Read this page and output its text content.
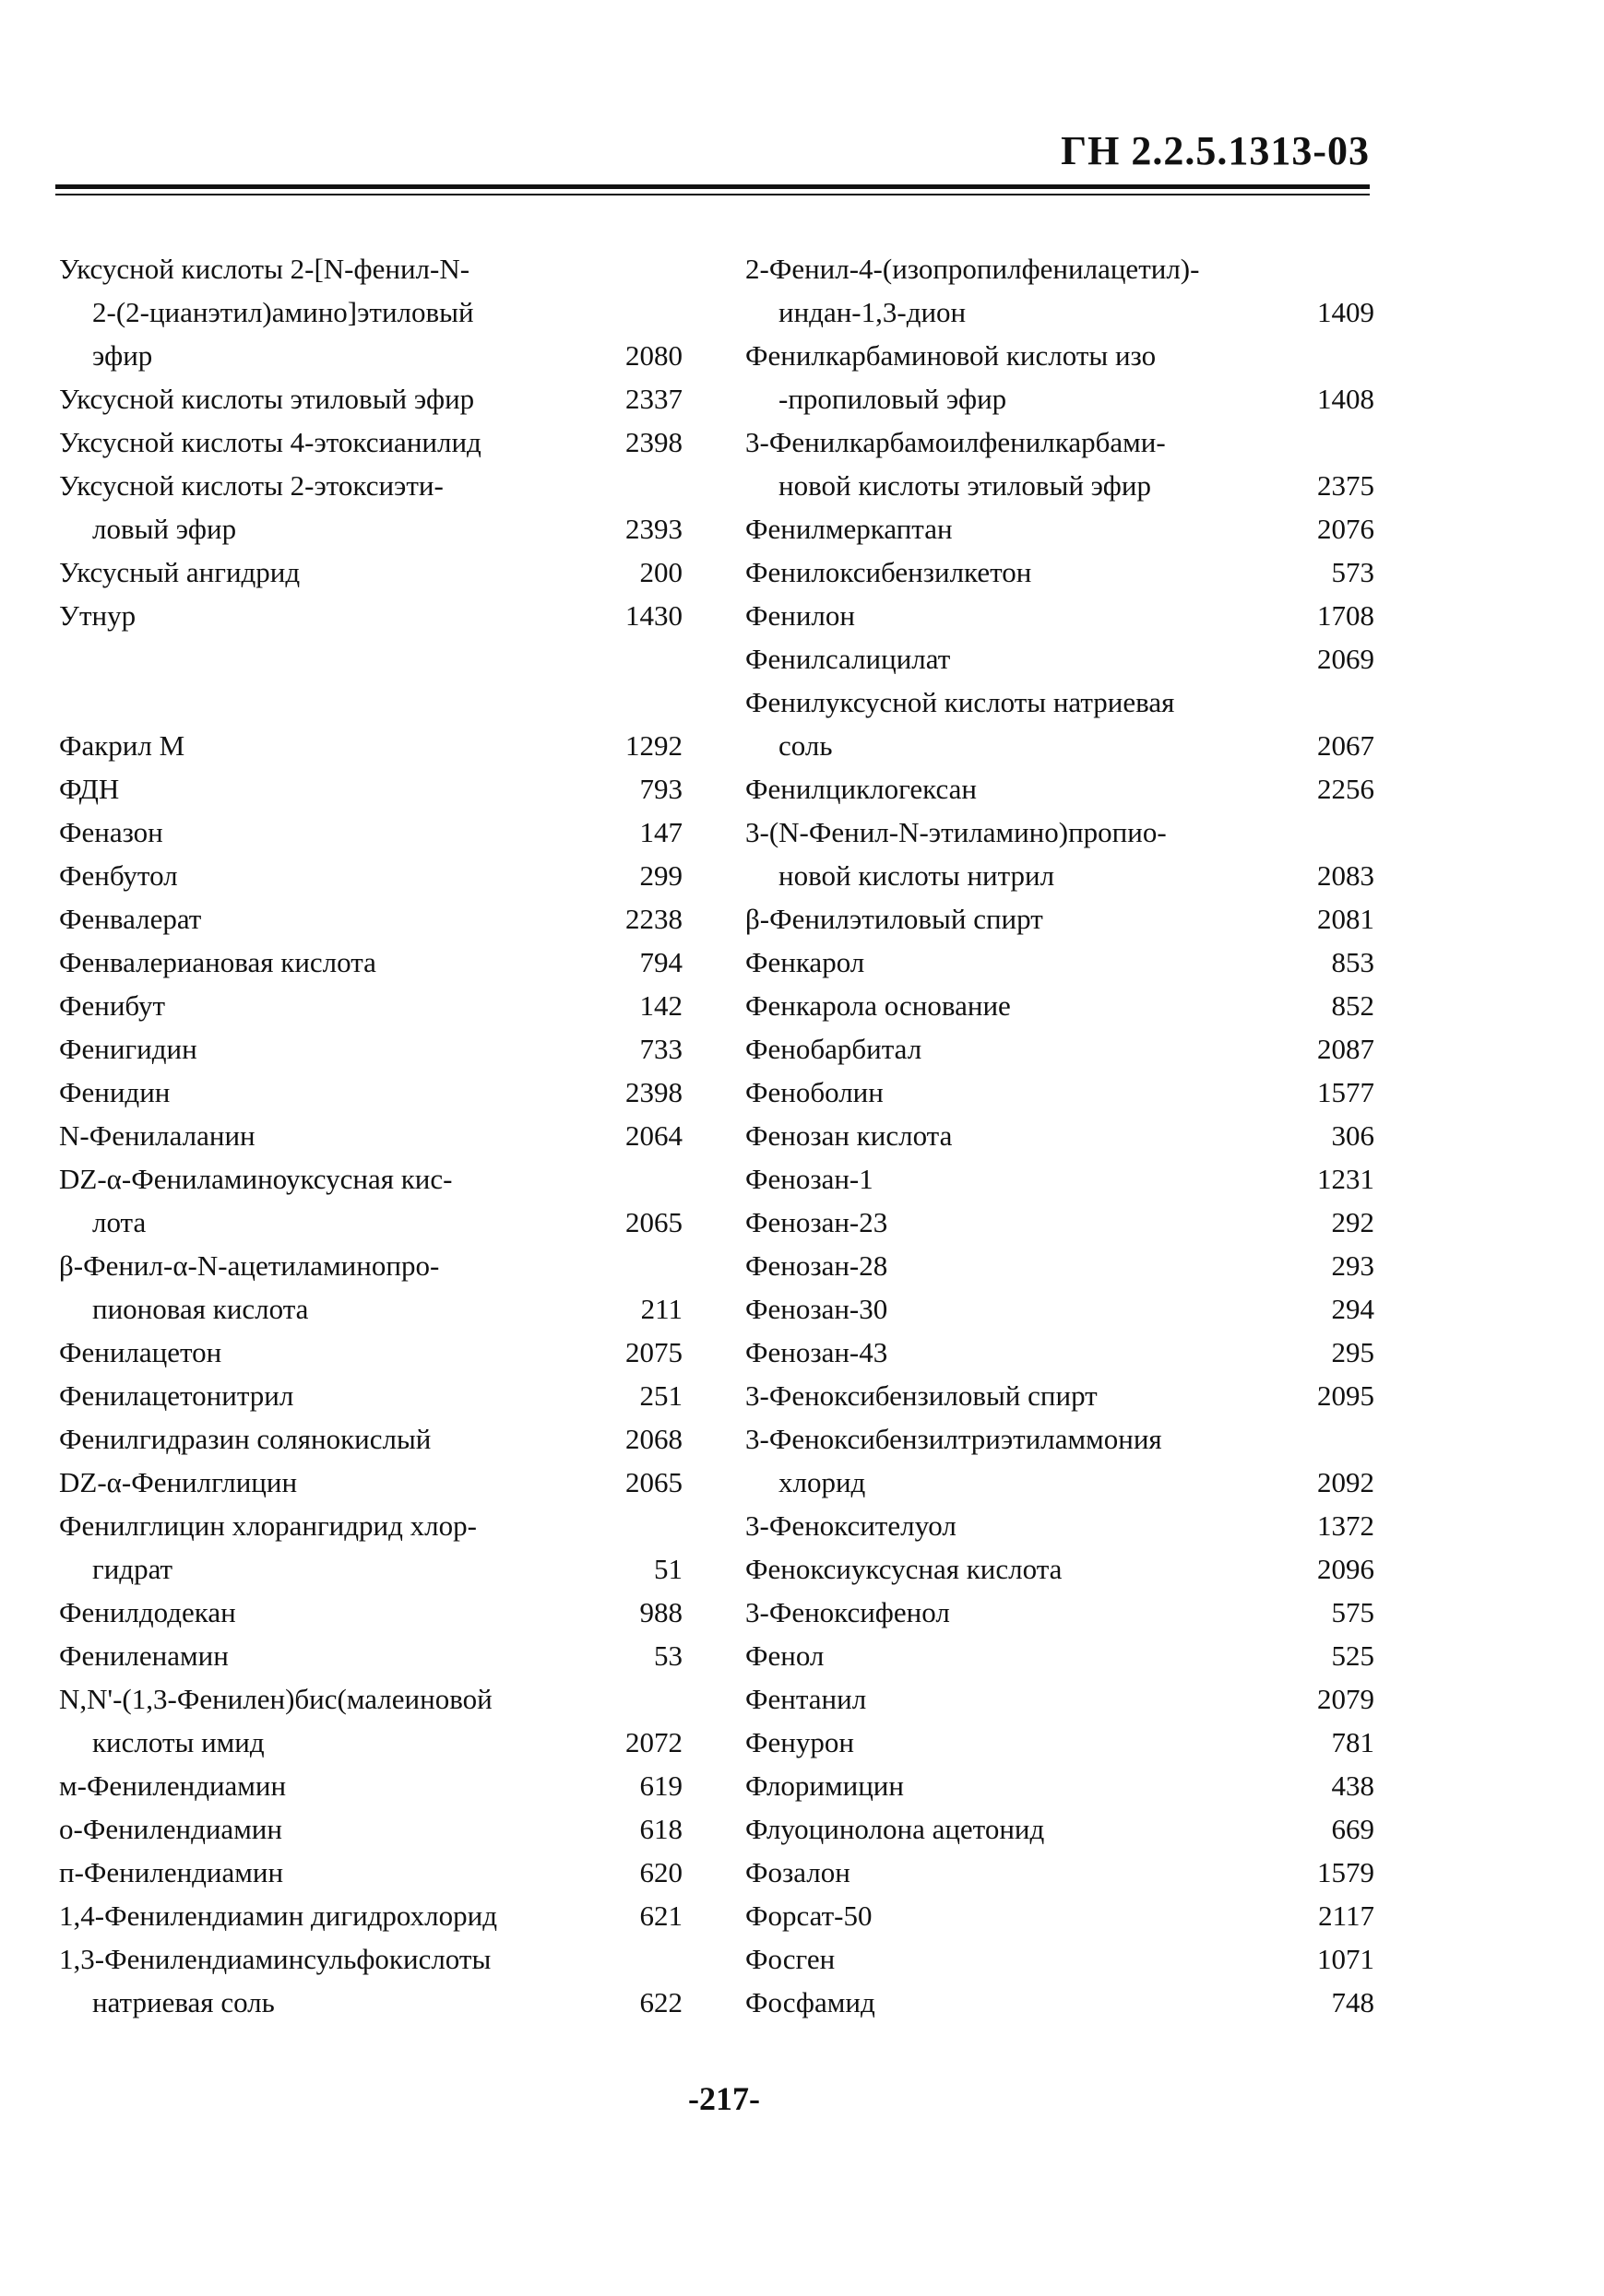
ГН 2.2.5.1313-03
Уксусной кислоты 2-[N-фенил-N-
2-(2-цианэтил)амино]этиловый
эфир	2080
Уксусной кислоты этиловый эфир	2337
Уксусной кислоты 4-этоксианилид	2398
Уксусной кислоты 2-этоксиэти-
ловый эфир	2393
Уксусный ангидрид	200
Утнур	1430
Факрил М	1292
ФДН	793
Феназон	147
Фенбутол	299
Фенвалерат	2238
Фенвалериановая кислота	794
Фенибут	142
Фенигидин	733
Фенидин	2398
N-Фенилаланин	2064
DZ-α-Фениламиноуксусная кис-
лота	2065
β-Фенил-α-N-ацетиламинопро-
пионовая кислота	211
Фенилацетон	2075
Фенилацетонитрил	251
Фенилгидразин солянокислый	2068
DZ-α-Фенилглицин	2065
Фенилглицин хлорангидрид хлор-
гидрат	51
Фенилдодекан	988
Фениленамин	53
N,N'-(1,3-Фенилен)бис(малеиновой
кислоты имид	2072
м-Фенилендиамин	619
о-Фенилендиамин	618
п-Фенилендиамин	620
1,4-Фенилендиамин дигидрохлорид	621
1,3-Фенилендиаминсульфокислоты
натриевая соль	622
2-Фенил-4-(изопропилфенилацетил)-
индан-1,3-дион	1409
Фенилкарбаминовой кислоты изо
-пропиловый эфир	1408
3-Фенилкарбамоилфенилкарбами-
новой кислоты этиловый эфир	2375
Фенилмеркаптан	2076
Фенилоксибензилкетон	573
Фенилон	1708
Фенилсалицилат	2069
Фенилуксусной кислоты натриевая
соль	2067
Фенилциклогексан	2256
3-(N-Фенил-N-этиламино)пропио-
новой кислоты нитрил	2083
β-Фенилэтиловый спирт	2081
Фенкарол	853
Фенкарола основание	852
Фенобарбитал	2087
Феноболин	1577
Фенозан кислота	306
Фенозан-1	1231
Фенозан-23	292
Фенозан-28	293
Фенозан-30	294
Фенозан-43	295
3-Феноксибензиловый спирт	2095
3-Феноксибензилтриэтиламмония
хлорид	2092
3-Феноксителуол	1372
Феноксиуксусная кислота	2096
3-Феноксифенол	575
Фенол	525
Фентанил	2079
Фенурон	781
Флоримицин	438
Флуоцинолона ацетонид	669
Фозалон	1579
Форсат-50	2117
Фосген	1071
Фосфамид	748
-217-
